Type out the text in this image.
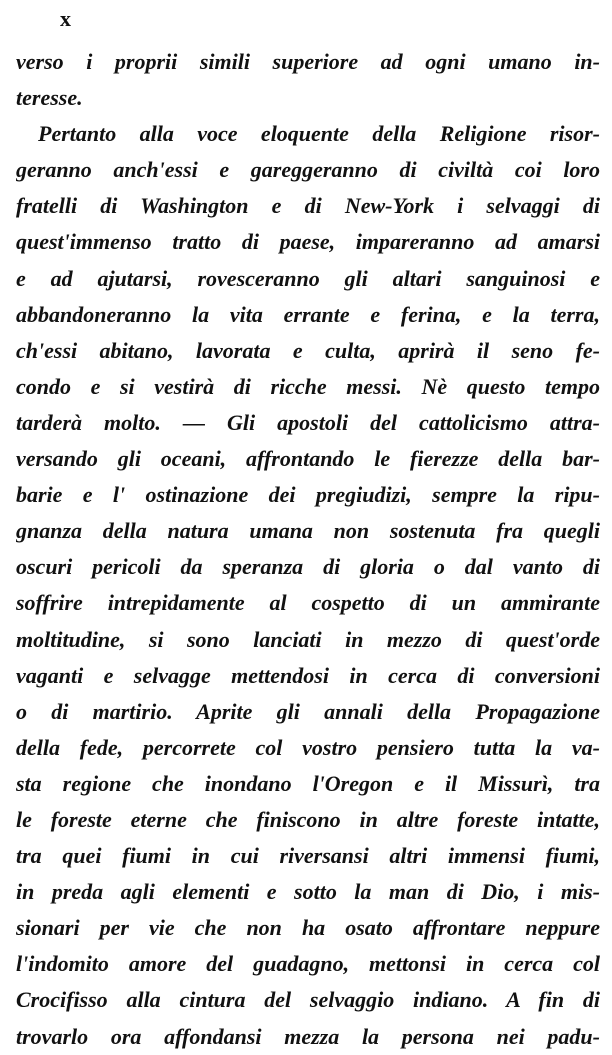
x
verso i proprii simili superiore ad ogni umano in-
teresse.
Pertanto alla voce eloquente della Religione risor-
geranno anch'essi e gareggeranno di civiltà coi loro
fratelli di Washington e di New-York i selvaggi di
quest'immenso tratto di paese, impareranno ad amarsi
e ad ajutarsi, rovesceranno gli altari sanguinosi e
abbandoneranno la vita errante e ferina, e la terra,
ch'essi abitano, lavorata e culta, aprirà il seno fe-
condo e si vestirà di ricche messi. Nè questo tempo
tarderà molto. — Gli apostoli del cattolicismo attra-
versando gli oceani, affrontando le fierezze della bar-
barie e l' ostinazione dei pregiudizi, sempre la ripu-
gnanza della natura umana non sostenuta fra quegli
oscuri pericoli da speranza di gloria o dal vanto di
soffrire intrepidamente al cospetto di un ammirante
moltitudine, si sono lanciati in mezzo di quest'orde
vaganti e selvagge mettendosi in cerca di conversioni
o di martirio. Aprite gli annali della Propagazione
della fede, percorrete col vostro pensiero tutta la va-
sta regione che inondano l'Oregon e il Missurì, tra
le foreste eterne che finiscono in altre foreste intatte,
tra quei fiumi in cui riversansi altri immensi fiumi,
in preda agli elementi e sotto la man di Dio, i mis-
sionari per vie che non ha osato affrontare neppure
l'indomito amore del guadagno, mettonsi in cerca col
Crocifisso alla cintura del selvaggio indiano. A fin di
trovarlo ora affondansi mezza la persona nei padu-
